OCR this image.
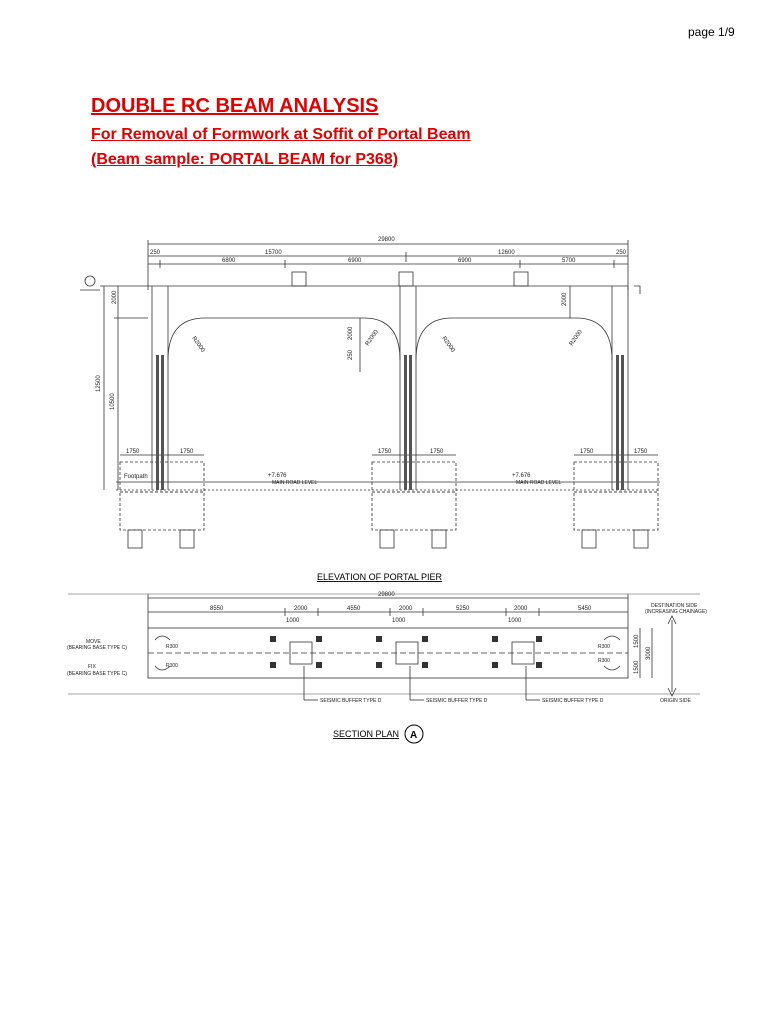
page 1/9
DOUBLE RC BEAM ANALYSIS
For Removal of Formwork at Soffit of Portal Beam
(Beam sample: PORTAL BEAM for P368)
29800
250	15700	12600	250
6800	6900	6900	5700
2000
2000
2000
250
12500
10500
R2000	R2000	R2000	R2000
1750	1750	1750	1750	1750	1750
Footpath	+7.676
MAIN ROAD LEVEL
+7.676
MAIN ROAD LEVEL
ELEVATION OF PORTAL PIER
29800
8550	2000	4550	2000	5250	2000	5450
1000	1000	1000
MOVE
(BEARING BASE TYPE C)
FIX
(BEARING BASE TYPE C)
R300
R300
R300
R300
SEISMIC BUFFER TYPE D	SEISMIC BUFFER TYPE D	SEISMIC BUFFER TYPE D
DESTINATION SIDE
(INCREASING CHAINAGE)
ORIGIN SIDE
3000
1500
1500
SECTION PLAN A
